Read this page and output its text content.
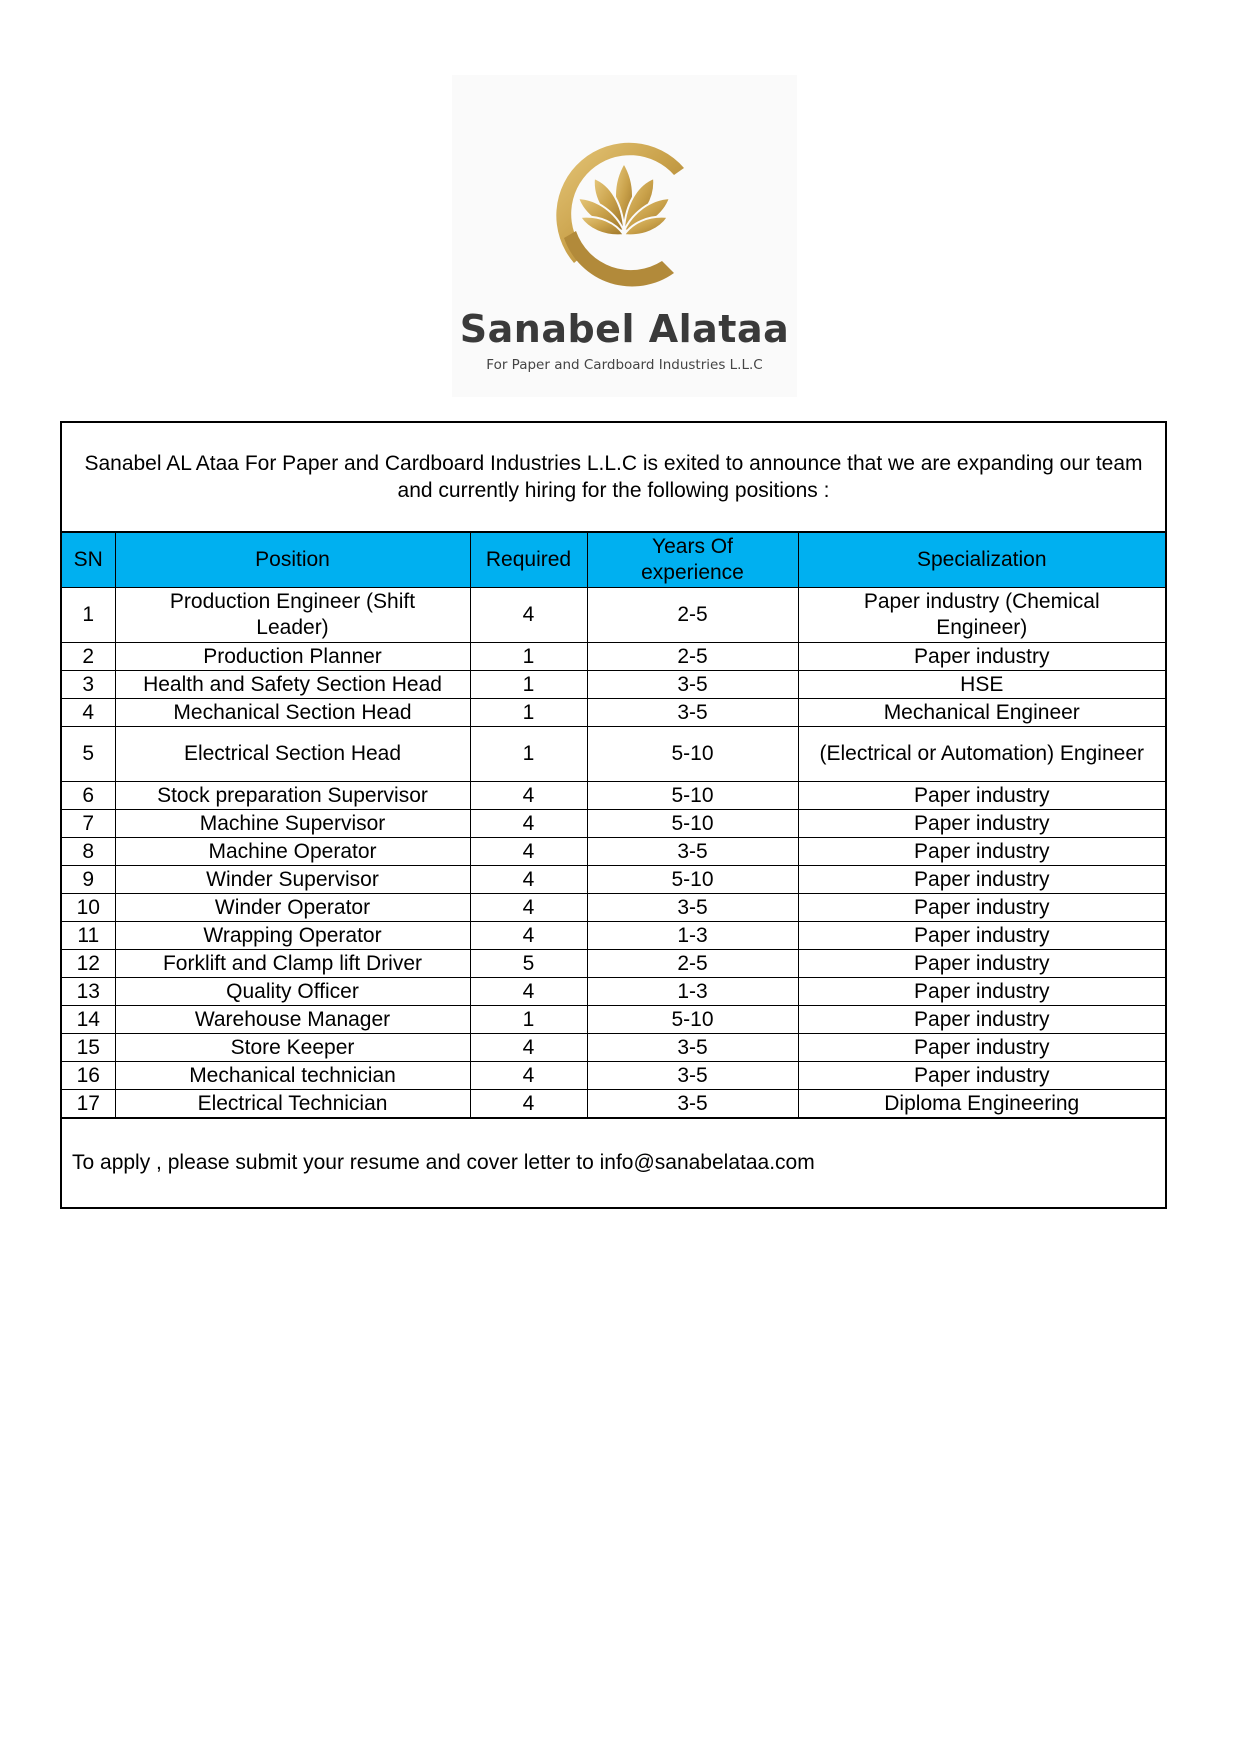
Sanabel Alataa
For Paper and Cardboard Industries L.L.C
Sanabel AL Ataa For Paper and Cardboard Industries L.L.C is exited to announce that we are expanding our team and currently hiring for the following positions :
SN	Position	Required	Years Of experience	Specialization
1	Production Engineer (Shift Leader)	4	2-5	Paper industry (Chemical Engineer)
2	Production Planner	1	2-5	Paper industry
3	Health and Safety Section Head	1	3-5	HSE
4	Mechanical Section Head	1	3-5	Mechanical Engineer
5	Electrical Section Head	1	5-10	(Electrical or Automation) Engineer
6	Stock preparation Supervisor	4	5-10	Paper industry
7	Machine Supervisor	4	5-10	Paper industry
8	Machine Operator	4	3-5	Paper industry
9	Winder Supervisor	4	5-10	Paper industry
10	Winder Operator	4	3-5	Paper industry
11	Wrapping Operator	4	1-3	Paper industry
12	Forklift and Clamp lift Driver	5	2-5	Paper industry
13	Quality Officer	4	1-3	Paper industry
14	Warehouse Manager	1	5-10	Paper industry
15	Store Keeper	4	3-5	Paper industry
16	Mechanical technician	4	3-5	Paper industry
17	Electrical Technician	4	3-5	Diploma Engineering
To apply , please submit your resume and cover letter to info@sanabelataa.com
